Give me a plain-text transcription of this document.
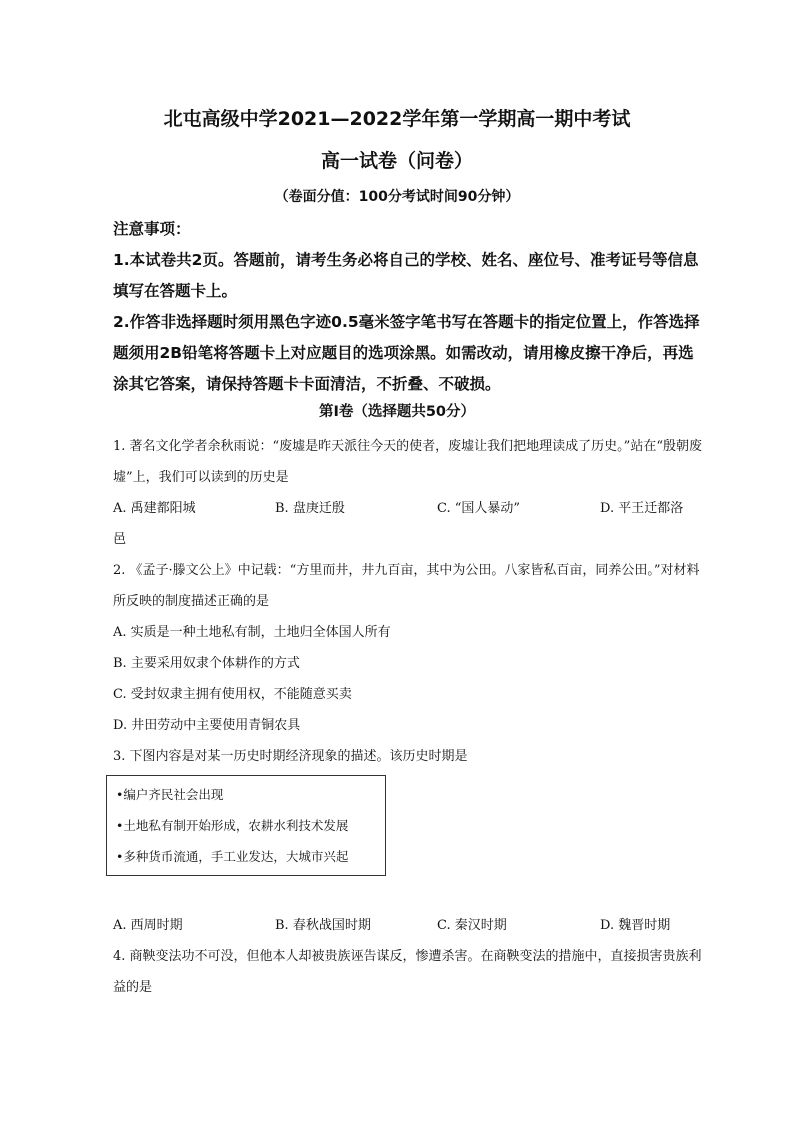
北屯高级中学2021—2022学年第一学期高一期中考试
高一试卷（问卷）
（卷面分值：100分考试时间90分钟）
注意事项：
1.本试卷共2页。答题前，请考生务必将自己的学校、姓名、座位号、准考证号等信息填写在答题卡上。
2.作答非选择题时须用黑色字迹0.5毫米签字笔书写在答题卡的指定位置上，作答选择题须用2B铅笔将答题卡上对应题目的选项涂黑。如需改动，请用橡皮擦干净后，再选涂其它答案，请保持答题卡卡面清洁，不折叠、不破损。
第Ⅰ卷（选择题共50分）
1. 著名文化学者余秋雨说：“废墟是昨天派往今天的使者，废墟让我们把地理读成了历史。”站在“殷朝废墟”上，我们可以读到的历史是
A. 禹建都阳城	B. 盘庚迁殷	C. “国人暴动”	D. 平王迁都洛
邑
2. 《孟子·滕文公上》中记载：“方里而井，井九百亩，其中为公田。八家皆私百亩，同养公田。”对材料所反映的制度描述正确的是
A. 实质是一种土地私有制，土地归全体国人所有
B. 主要采用奴隶个体耕作的方式
C. 受封奴隶主拥有使用权，不能随意买卖
D. 井田劳动中主要使用青铜农具
3. 下图内容是对某一历史时期经济现象的描述。该历史时期是
•编户齐民社会出现
•土地私有制开始形成，农耕水利技术发展
•多种货币流通，手工业发达，大城市兴起
A. 西周时期	B. 春秋战国时期	C. 秦汉时期	D. 魏晋时期
4. 商鞅变法功不可没，但他本人却被贵族诬告谋反，惨遭杀害。在商鞅变法的措施中，直接损害贵族利益的是
